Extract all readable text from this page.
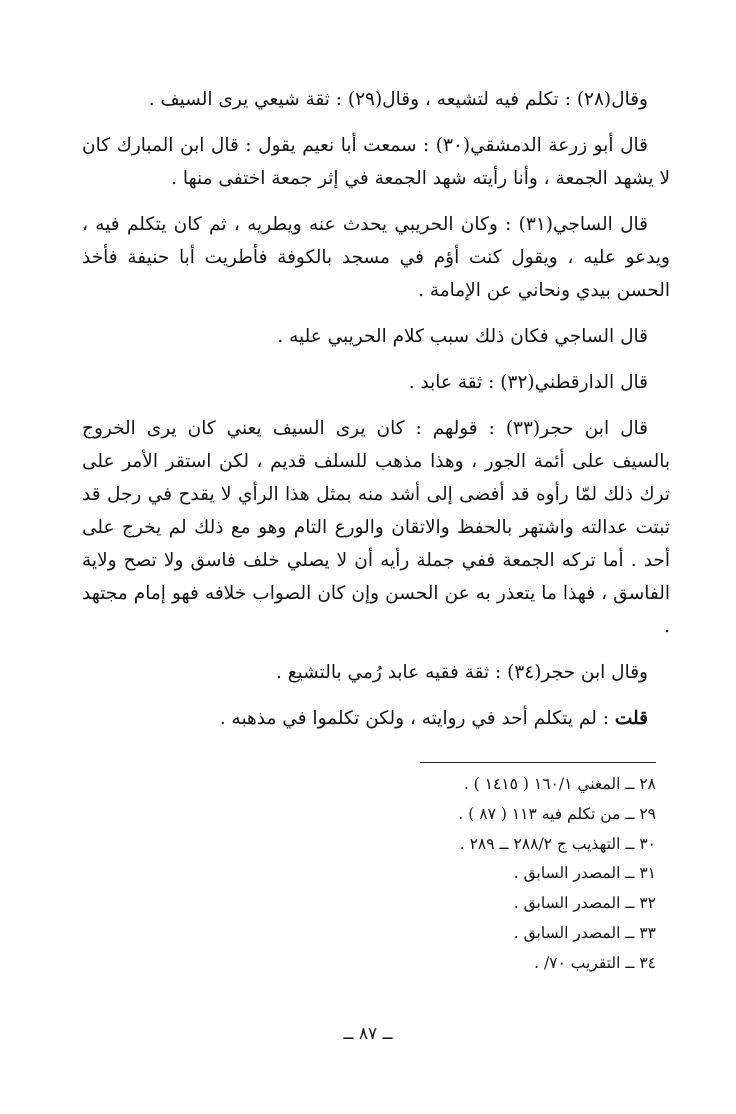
وقال(٢٨) : تكلم فيه لتشيعه ، وقال(٢٩) : ثقة شيعي يرى السيف .

قال أبو زرعة الدمشقي(٣٠) : سمعت أبا نعيم يقول : قال ابن المبارك كان لا يشهد الجمعة ، وأنا رأيته شهد الجمعة في إثر جمعة اختفى منها .

قال الساجي(٣١) : وكان الحريبي يحدث عنه ويطريه ، ثم كان يتكلم فيه ، ويدعو عليه ، ويقول كنت أؤم في مسجد بالكوفة فأطريت أبا حنيفة فأخذ الحسن بيدي ونحاني عن الإمامة .

قال الساجي فكان ذلك سبب كلام الحريبي عليه .

قال الدارقطني(٣٢) : ثقة عابد .

قال ابن حجر(٣٣) : قولهم : كان يرى السيف يعني كان يرى الخروج بالسيف على أئمة الجور ، وهذا مذهب للسلف قديم ، لكن استقر الأمر على ترك ذلك لمّا رأوه قد أفضى إلى أشد منه بمثل هذا الرأي لا يقدح في رجل قد ثبتت عدالته واشتهر بالحفظ والاتقان والورع التام وهو مع ذلك لم يخرج على أحد . أما تركه الجمعة ففي جملة رأيه أن لا يصلي خلف فاسق ولا تصح ولاية الفاسق ، فهذا ما يتعذر به عن الحسن وإن كان الصواب خلافه فهو إمام مجتهد .

وقال ابن حجر(٣٤) : ثقة فقيه عابد رُمي بالتشيع .

قلت : لم يتكلم أحد في روايته ، ولكن تكلموا في مذهبه .

٢٨ ــ المغني ١٦٠/١ ( ١٤١٥ ) .
٢٩ ــ من تكلم فيه ١١٣ ( ٨٧ ) .
٣٠ ــ التهذيب ج ٢٨٨/٢ ــ ٢٨٩ .
٣١ ــ المصدر السابق .
٣٢ ــ المصدر السابق .
٣٣ ــ المصدر السابق .
٣٤ ــ التقريب ٧٠/ .
ــ ٨٧ ــ
